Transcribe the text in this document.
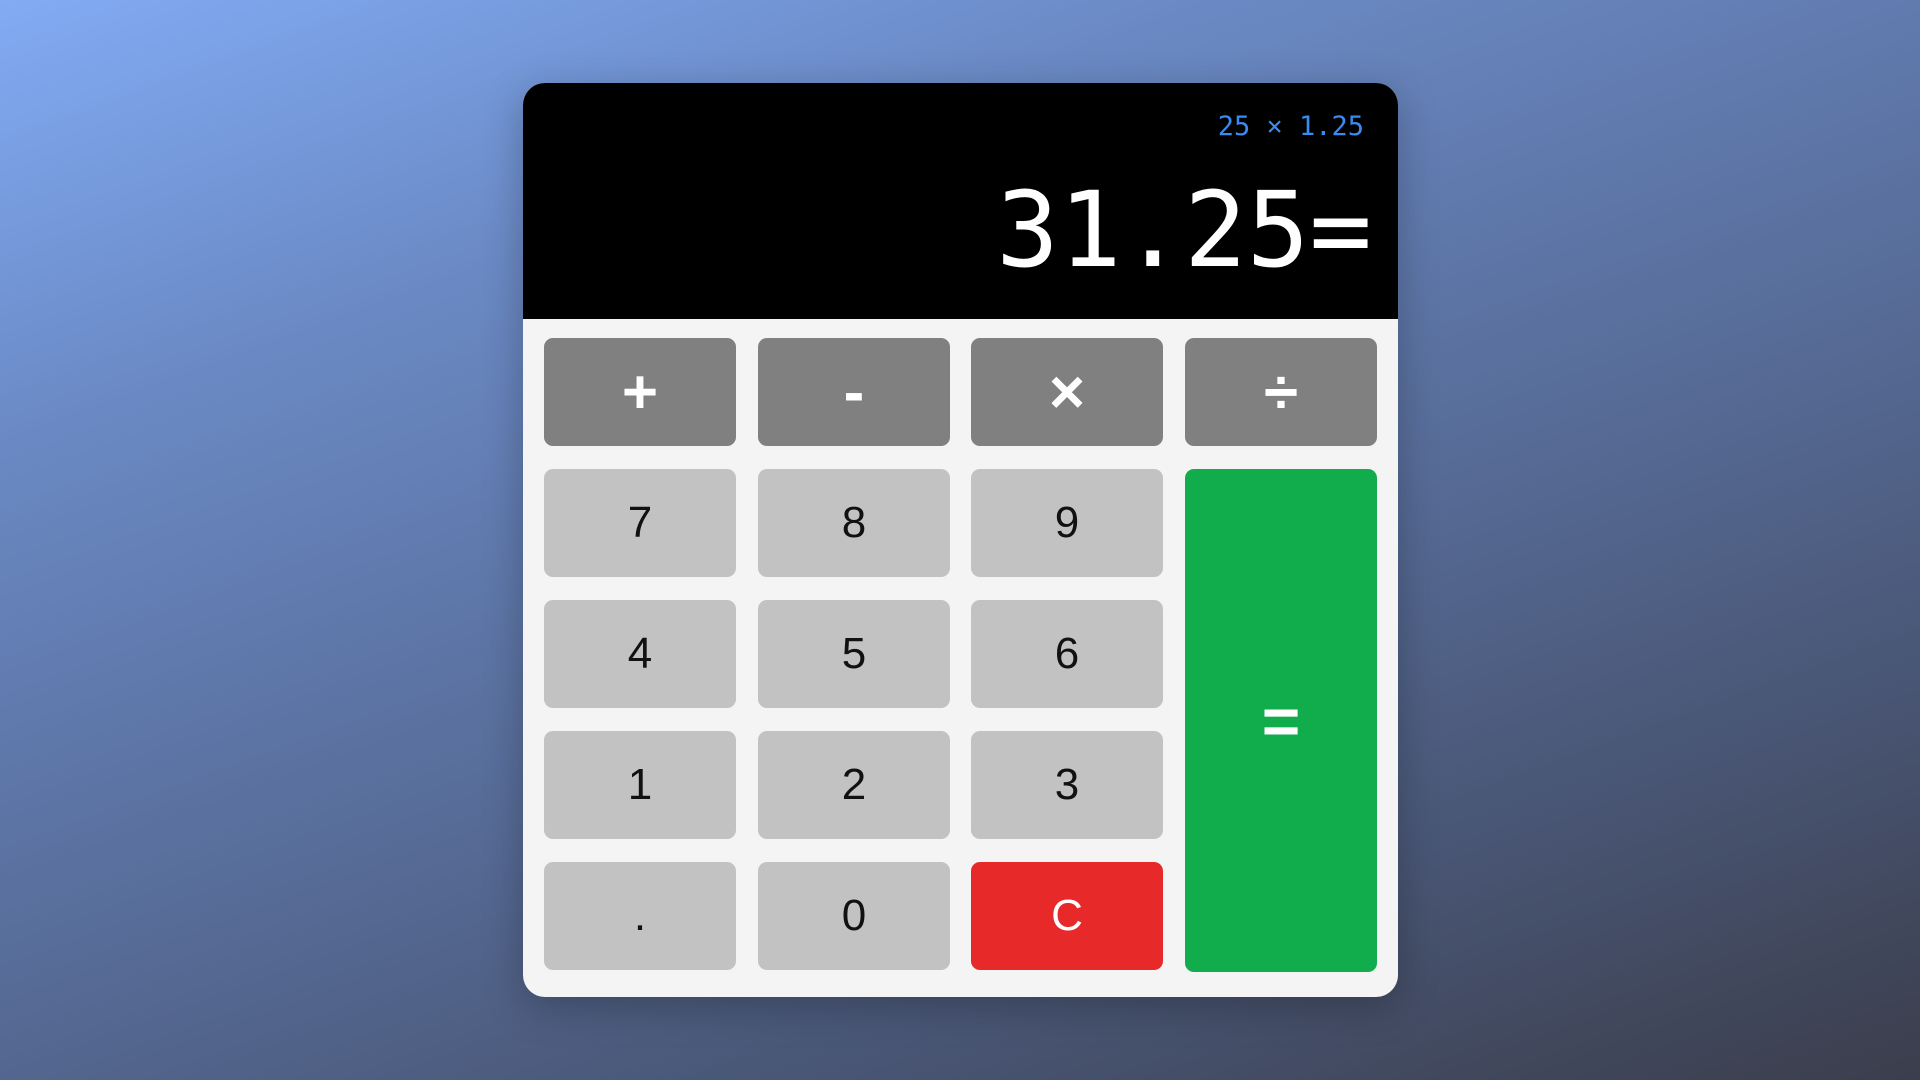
25 × 1.25
31.25=
+	-	×	÷
7	8	9
=
4	5	6
1	2	3
.	0	C
